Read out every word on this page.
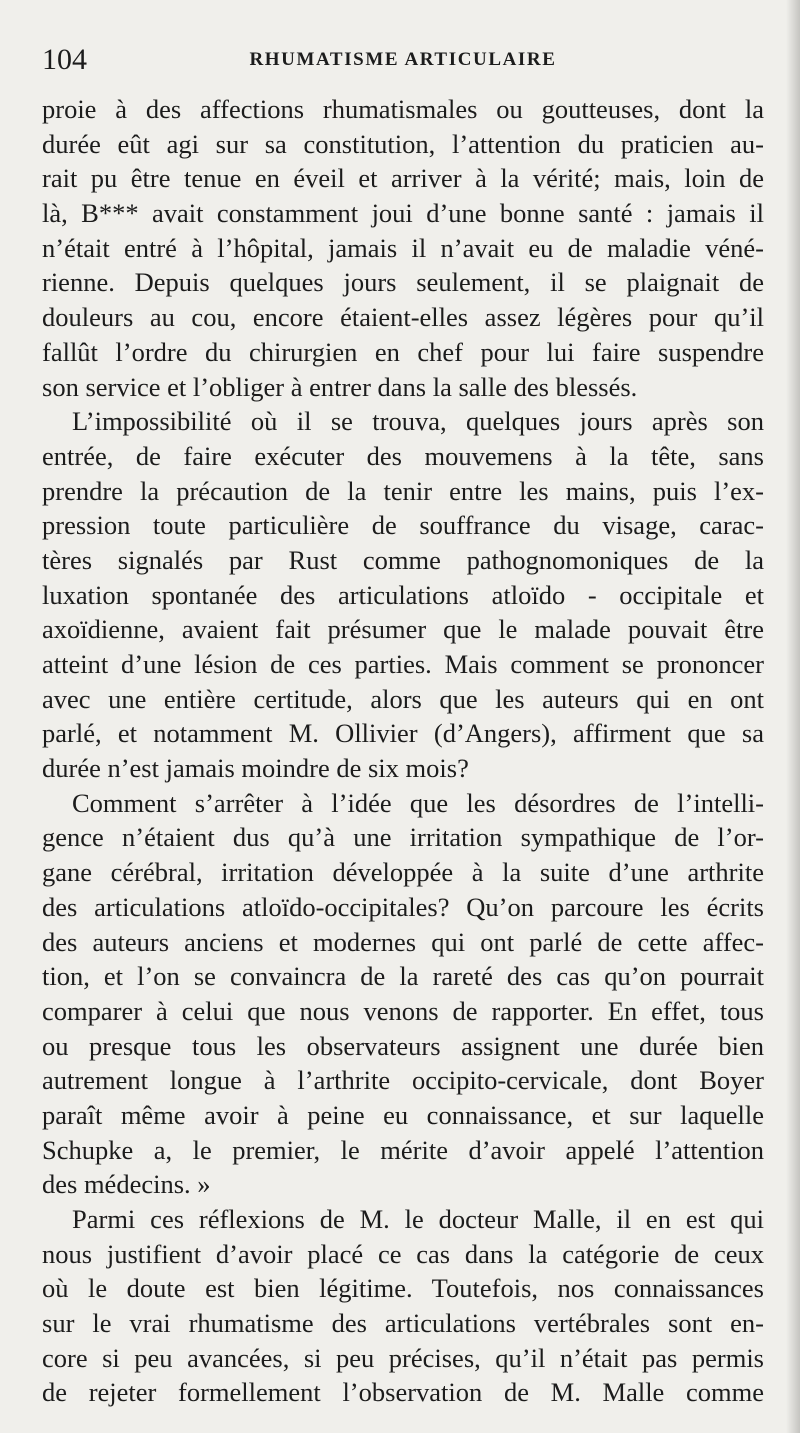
104	RHUMATISME ARTICULAIRE
proie à des affections rhumatismales ou goutteuses, dont la
durée eût agi sur sa constitution, l’attention du praticien au-
rait pu être tenue en éveil et arriver à la vérité; mais, loin de
là, B*** avait constamment joui d’une bonne santé : jamais il
n’était entré à l’hôpital, jamais il n’avait eu de maladie véné-
rienne. Depuis quelques jours seulement, il se plaignait de
douleurs au cou, encore étaient-elles assez légères pour qu’il
fallût l’ordre du chirurgien en chef pour lui faire suspendre
son service et l’obliger à entrer dans la salle des blessés.
L’impossibilité où il se trouva, quelques jours après son
entrée, de faire exécuter des mouvemens à la tête, sans
prendre la précaution de la tenir entre les mains, puis l’ex-
pression toute particulière de souffrance du visage, carac-
tères signalés par Rust comme pathognomoniques de la
luxation spontanée des articulations atloïdo - occipitale et
axoïdienne, avaient fait présumer que le malade pouvait être
atteint d’une lésion de ces parties. Mais comment se prononcer
avec une entière certitude, alors que les auteurs qui en ont
parlé, et notamment M. Ollivier (d’Angers), affirment que sa
durée n’est jamais moindre de six mois?
Comment s’arrêter à l’idée que les désordres de l’intelli-
gence n’étaient dus qu’à une irritation sympathique de l’or-
gane cérébral, irritation développée à la suite d’une arthrite
des articulations atloïdo-occipitales? Qu’on parcoure les écrits
des auteurs anciens et modernes qui ont parlé de cette affec-
tion, et l’on se convaincra de la rareté des cas qu’on pourrait
comparer à celui que nous venons de rapporter. En effet, tous
ou presque tous les observateurs assignent une durée bien
autrement longue à l’arthrite occipito-cervicale, dont Boyer
paraît même avoir à peine eu connaissance, et sur laquelle
Schupke a, le premier, le mérite d’avoir appelé l’attention
des médecins. »
Parmi ces réflexions de M. le docteur Malle, il en est qui
nous justifient d’avoir placé ce cas dans la catégorie de ceux
où le doute est bien légitime. Toutefois, nos connaissances
sur le vrai rhumatisme des articulations vertébrales sont en-
core si peu avancées, si peu précises, qu’il n’était pas permis
de rejeter formellement l’observation de M. Malle comme
